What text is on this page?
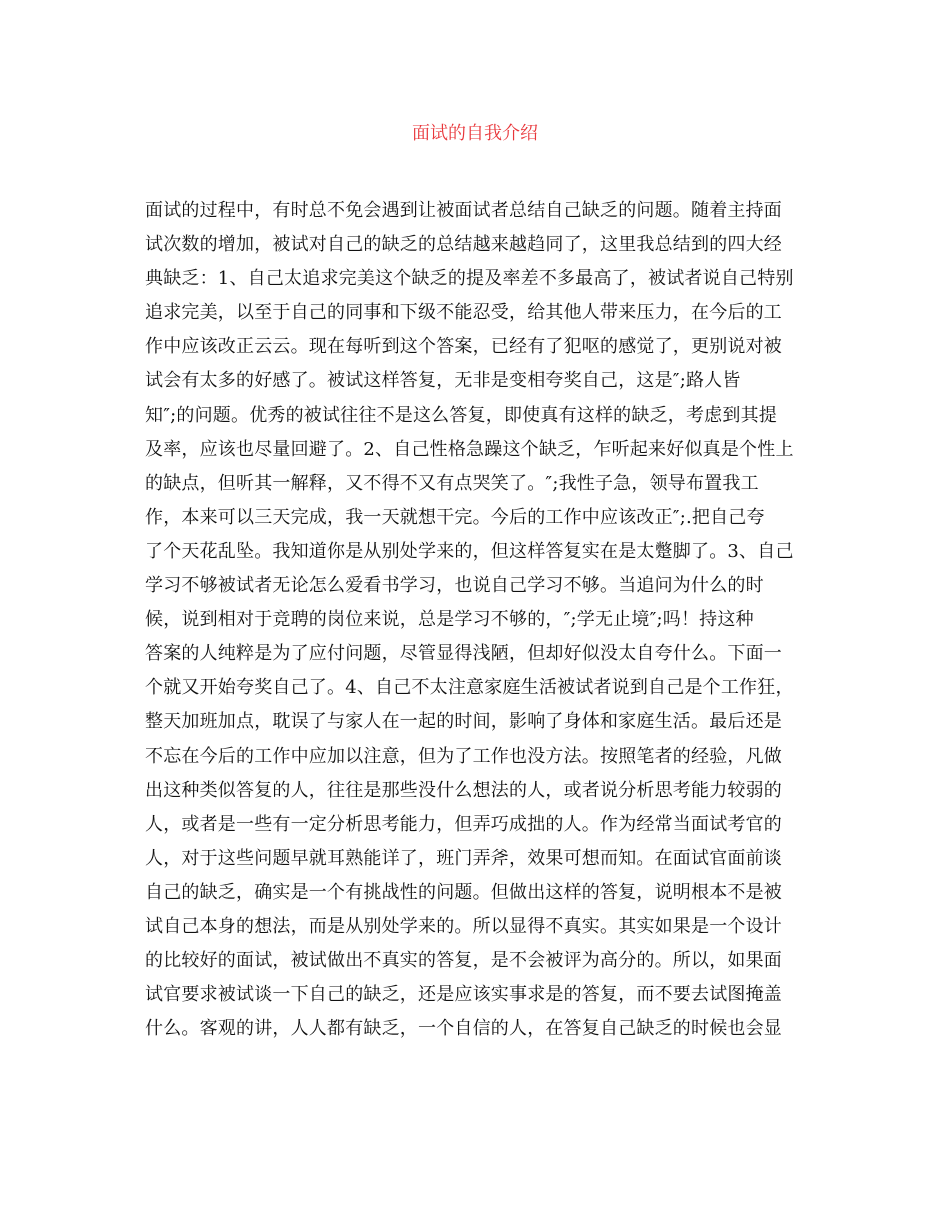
面试的自我介绍
面试的过程中，有时总不免会遇到让被面试者总结自己缺乏的问题。随着主持面
试次数的增加，被试对自己的缺乏的总结越来越趋同了，这里我总结到的四大经
典缺乏：1、自己太追求完美这个缺乏的提及率差不多最高了，被试者说自己特别
追求完美，以至于自己的同事和下级不能忍受，给其他人带来压力，在今后的工
作中应该改正云云。现在每听到这个答案，已经有了犯呕的感觉了，更别说对被
试会有太多的好感了。被试这样答复，无非是变相夸奖自己，这是″;路人皆
知″;的问题。优秀的被试往往不是这么答复，即使真有这样的缺乏，考虑到其提
及率，应该也尽量回避了。2、自己性格急躁这个缺乏，乍听起来好似真是个性上
的缺点，但听其一解释，又不得不又有点哭笑了。″;我性子急，领导布置我工
作，本来可以三天完成，我一天就想干完。今后的工作中应该改正″;.把自己夸
了个天花乱坠。我知道你是从别处学来的，但这样答复实在是太蹩脚了。3、自己
学习不够被试者无论怎么爱看书学习，也说自己学习不够。当追问为什么的时
候，说到相对于竞聘的岗位来说，总是学习不够的，″;学无止境″;吗！持这种
答案的人纯粹是为了应付问题，尽管显得浅陋，但却好似没太自夸什么。下面一
个就又开始夸奖自己了。4、自己不太注意家庭生活被试者说到自己是个工作狂，
整天加班加点，耽误了与家人在一起的时间，影响了身体和家庭生活。最后还是
不忘在今后的工作中应加以注意，但为了工作也没方法。按照笔者的经验，凡做
出这种类似答复的人，往往是那些没什么想法的人，或者说分析思考能力较弱的
人，或者是一些有一定分析思考能力，但弄巧成拙的人。作为经常当面试考官的
人，对于这些问题早就耳熟能详了，班门弄斧，效果可想而知。在面试官面前谈
自己的缺乏，确实是一个有挑战性的问题。但做出这样的答复，说明根本不是被
试自己本身的想法，而是从别处学来的。所以显得不真实。其实如果是一个设计
的比较好的面试，被试做出不真实的答复，是不会被评为高分的。所以，如果面
试官要求被试谈一下自己的缺乏，还是应该实事求是的答复，而不要去试图掩盖
什么。客观的讲，人人都有缺乏，一个自信的人，在答复自己缺乏的时候也会显
